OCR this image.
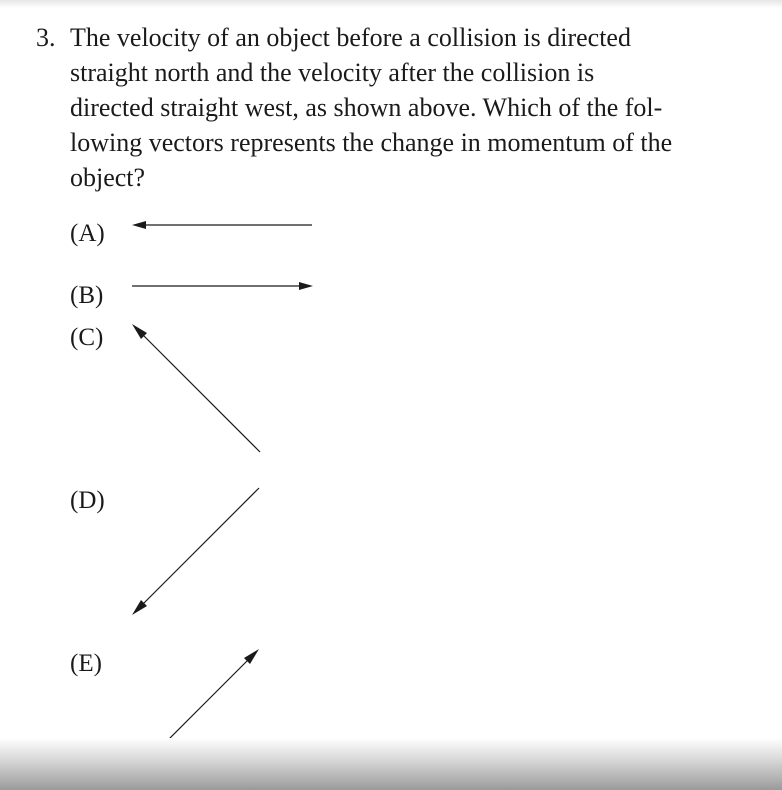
3. The velocity of an object before a collision is directed
straight north and the velocity after the collision is
directed straight west, as shown above. Which of the fol-
lowing vectors represents the change in momentum of the
object?
(A)
(B)
(C)
(D)
(E)
